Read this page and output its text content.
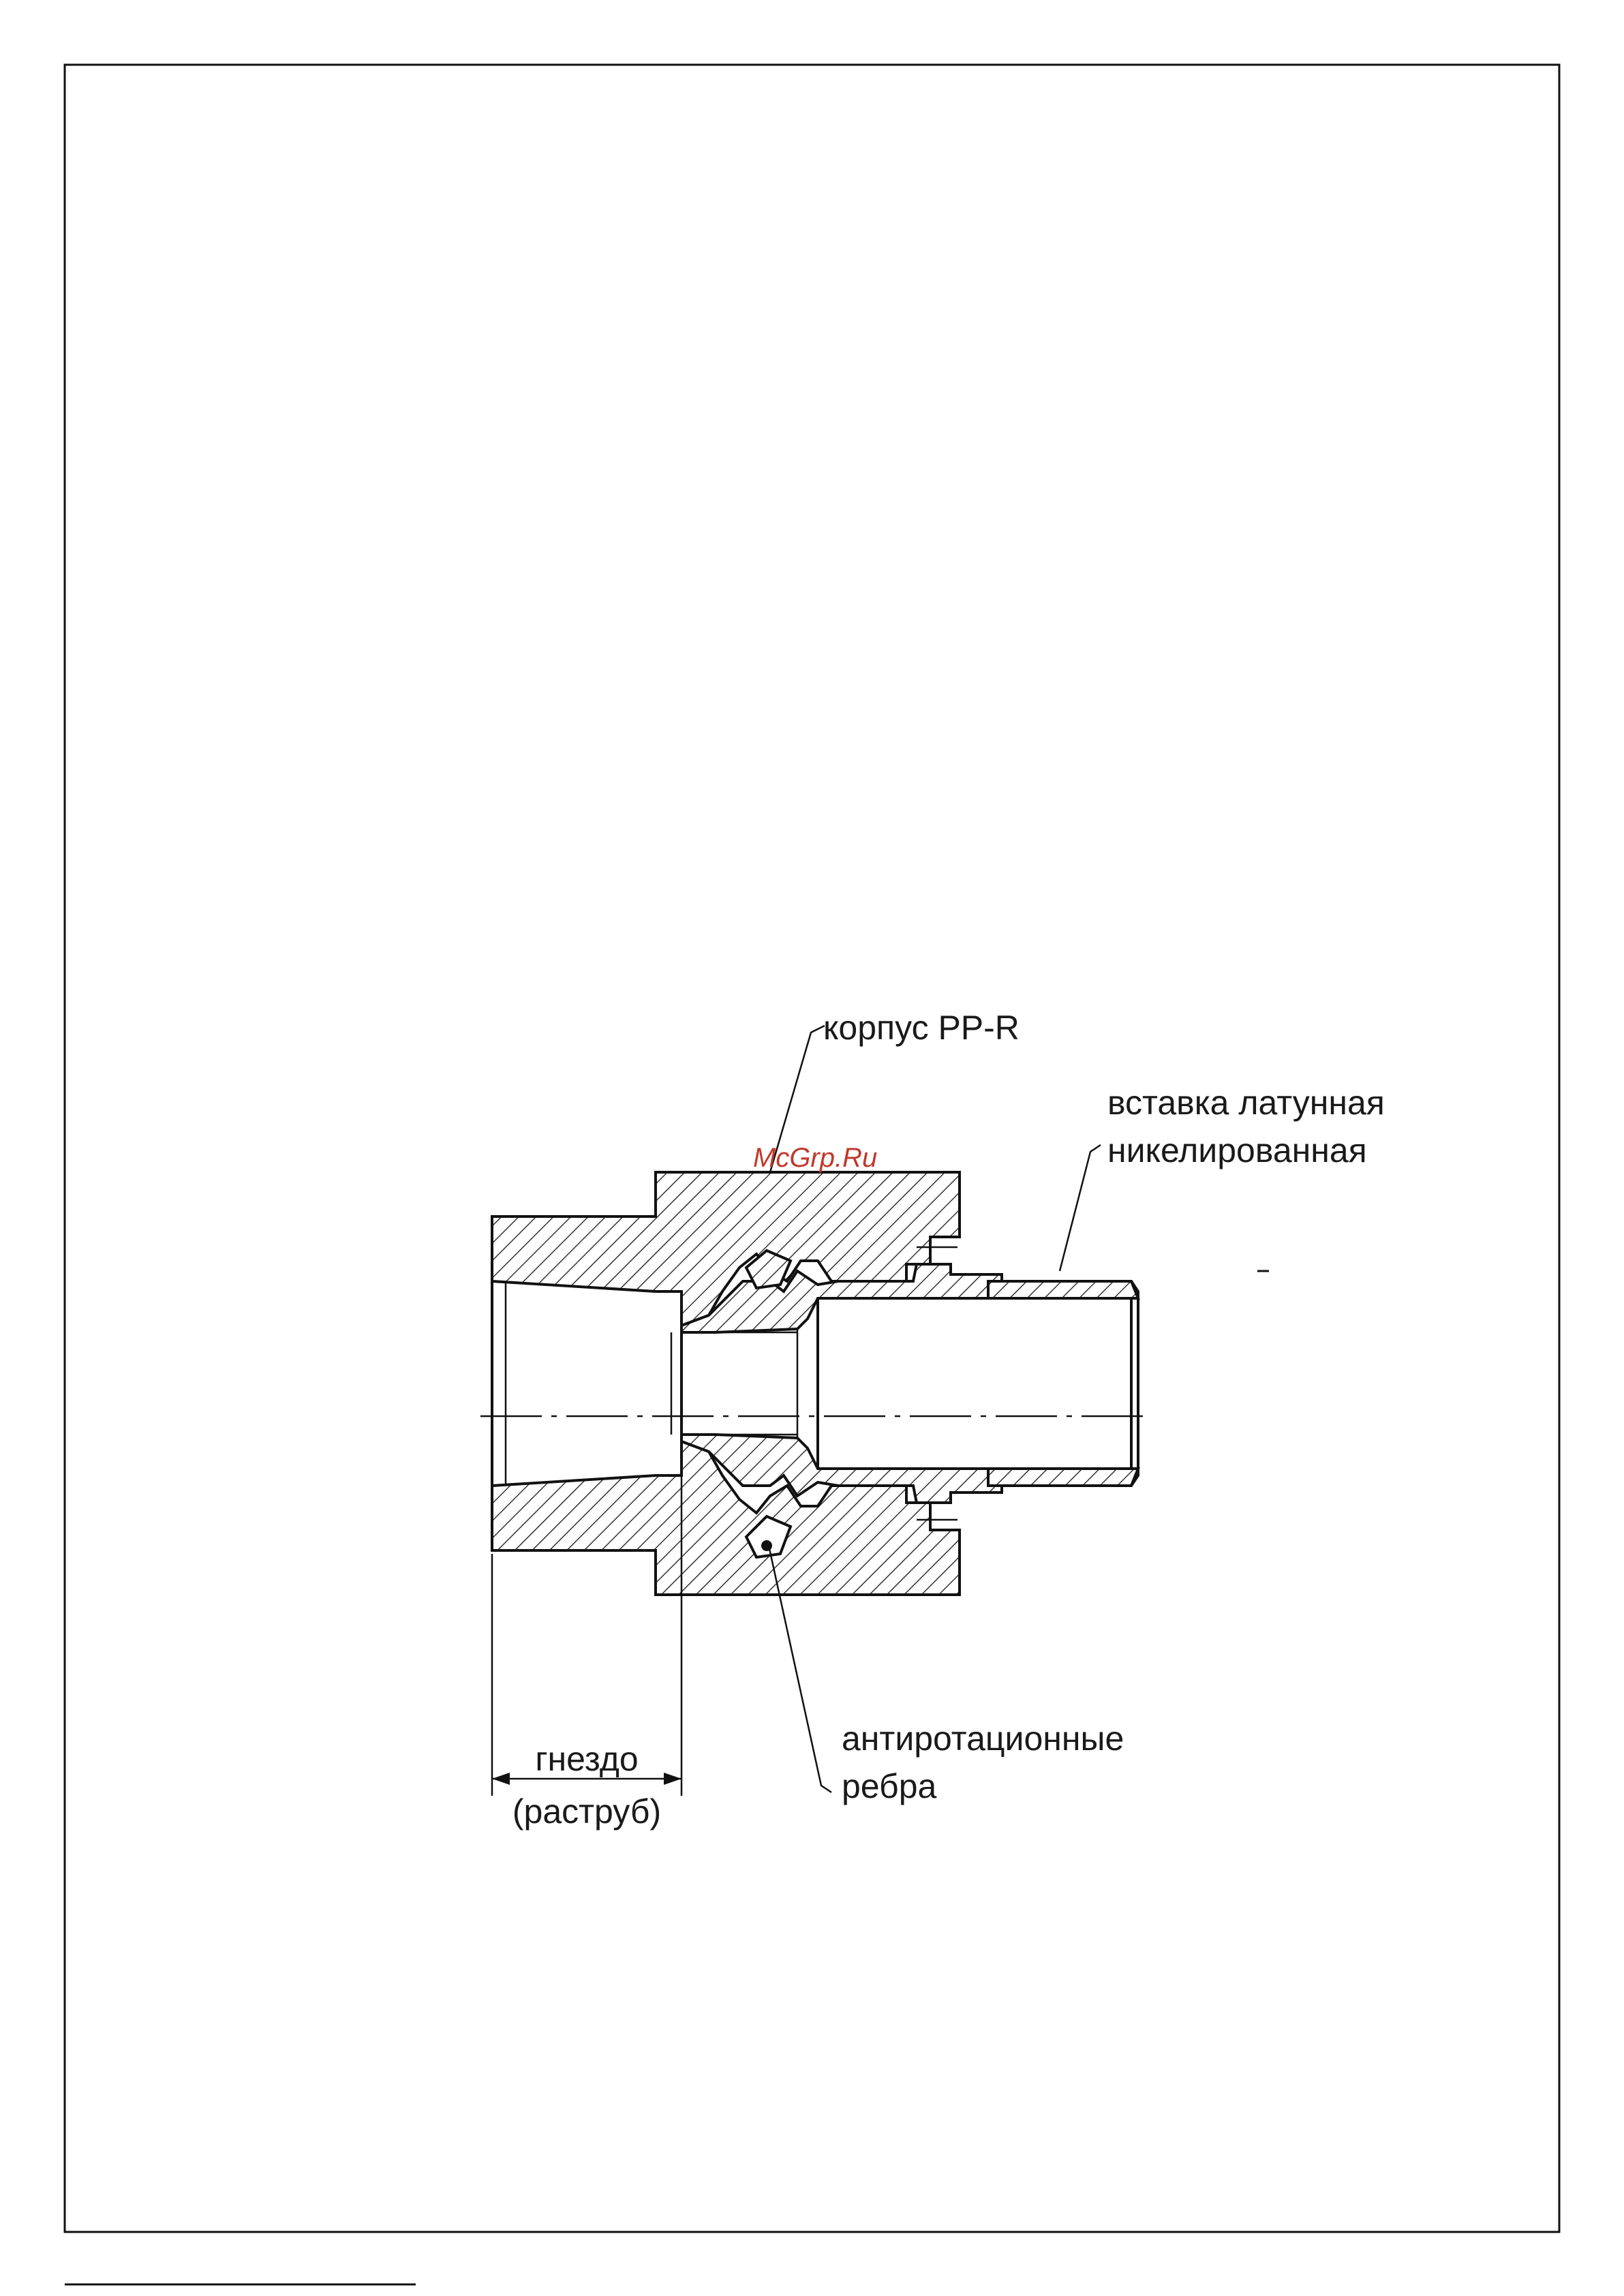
корпус PP-R
вставка латунная
никелированная
антиротационные
ребра
гнездо
(раструб)
McGrp.Ru
